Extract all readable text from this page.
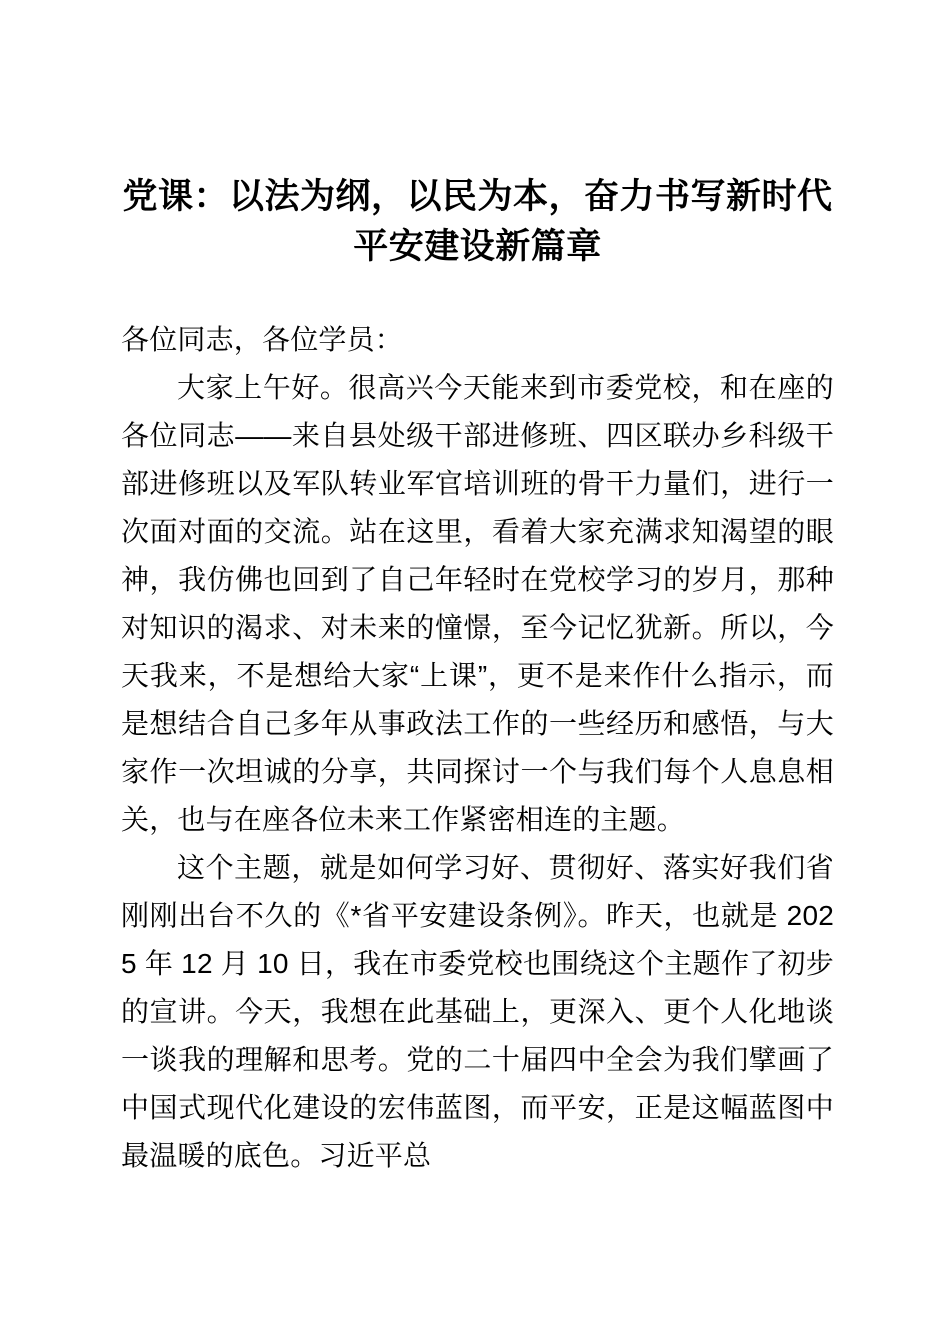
党课：以法为纲，以民为本，奋力书写新时代 平安建设新篇章

各位同志，各位学员：

大家上午好。很高兴今天能来到市委党校，和在座的各位同志——来自县处级干部进修班、四区联办乡科级干部进修班以及军队转业军官培训班的骨干力量们，进行一次面对面的交流。站在这里，看着大家充满求知渴望的眼神，我仿佛也回到了自己年轻时在党校学习的岁月，那种对知识的渴求、对未来的憧憬，至今记忆犹新。所以，今天我来，不是想给大家“上课”，更不是来作什么指示，而是想结合自己多年从事政法工作的一些经历和感悟，与大家作一次坦诚的分享，共同探讨一个与我们每个人息息相关，也与在座各位未来工作紧密相连的主题。

这个主题，就是如何学习好、贯彻好、落实好我们省刚刚出台不久的《*省平安建设条例》。昨天，也就是 2025 年 12 月 10 日，我在市委党校也围绕这个主题作了初步的宣讲。今天，我想在此基础上，更深入、更个人化地谈一谈我的理解和思考。党的二十届四中全会为我们擘画了中国式现代化建设的宏伟蓝图，而平安，正是这幅蓝图中最温暖的底色。习近平总
